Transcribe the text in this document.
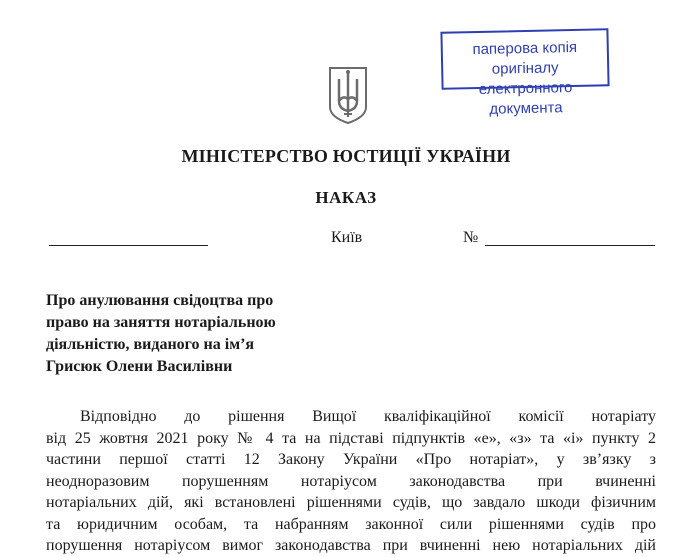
паперова копія оригіналу
електронного документа
МІНІСТЕРСТВО ЮСТИЦІЇ УКРАЇНИ
НАКАЗ
Київ	№
Про анулювання свідоцтва про
право на заняття нотаріальною
діяльністю, виданого на ім’я
Грисюк Олени Василівни
Відповідно до рішення Вищої кваліфікаційної комісії нотаріату
від 25 жовтня 2021 року № 4 та на підставі підпунктів «е», «з» та «і» пункту 2
частини першої статті 12 Закону України «Про нотаріат», у зв’язку з
неодноразовим порушенням нотаріусом законодавства при вчиненні
нотаріальних дій, які встановлені рішеннями судів, що завдало шкоди фізичним
та юридичним особам, та набранням законної сили рішеннями судів про
порушення нотаріусом вимог законодавства при вчиненні нею нотаріальних дій
